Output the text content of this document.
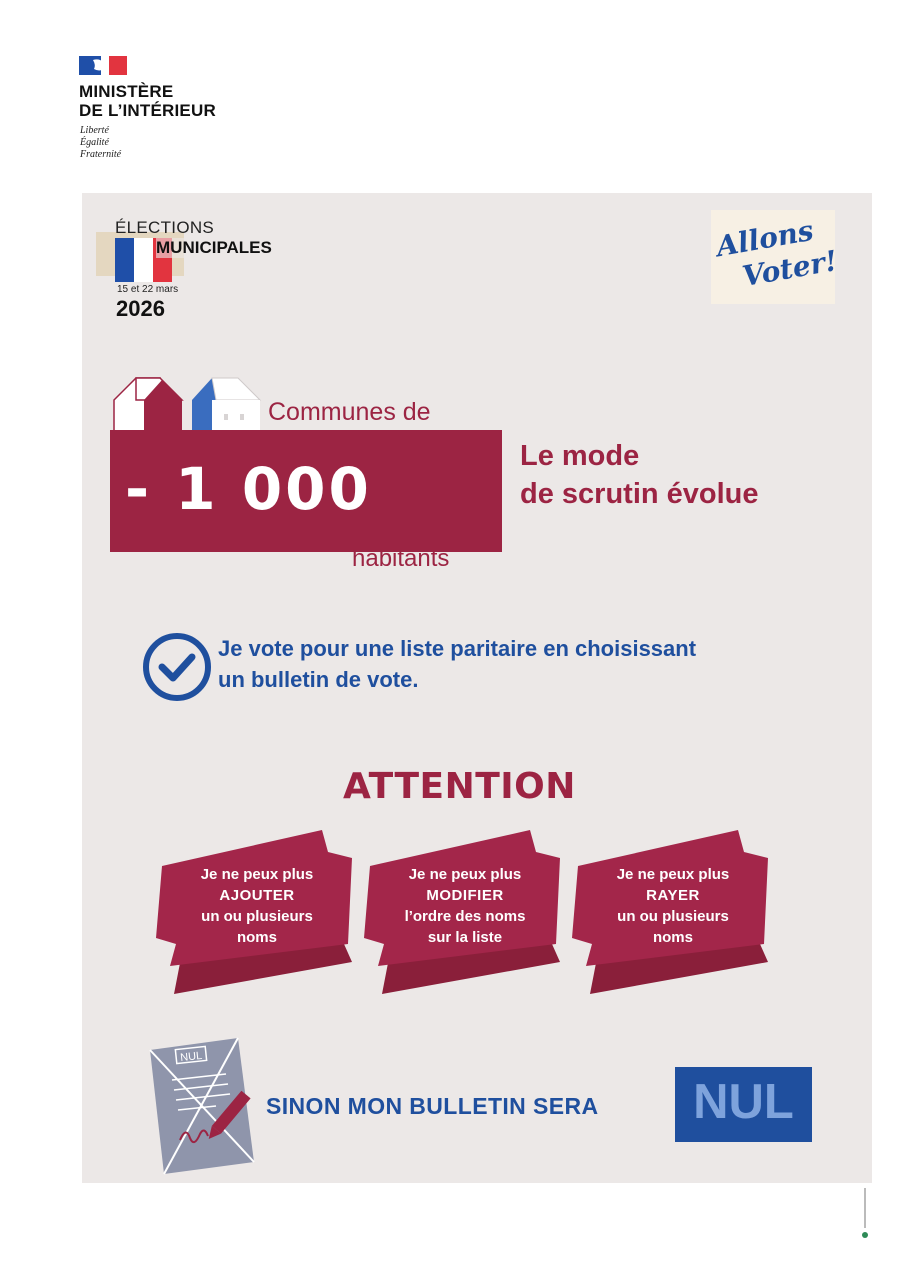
MINISTÈRE
DE L’INTÉRIEUR
Liberté
Égalité
Fraternité
ÉLECTIONS
MUNICIPALES
15 et 22 mars
2026
Allons
Voter!
Communes de
- 1 000
habitants
Le mode
de scrutin évolue
Je vote pour une liste paritaire en choisissant
un bulletin de vote.
ATTENTION
Je ne peux plus
AJOUTER
un ou plusieurs
noms
Je ne peux plus
MODIFIER
l’ordre des noms
sur la liste
Je ne peux plus
RAYER
un ou plusieurs
noms
NUL
SINON MON BULLETIN SERA	NUL
